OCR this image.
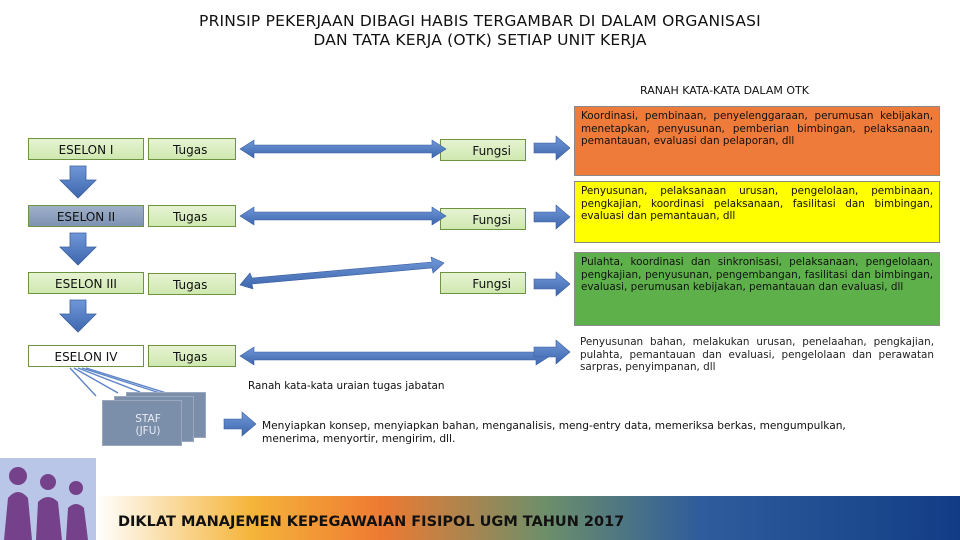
PRINSIP PEKERJAAN DIBAGI HABIS TERGAMBAR DI DALAM ORGANISASI
DAN TATA KERJA (OTK) SETIAP UNIT KERJA
RANAH KATA-KATA DALAM OTK
ESELON I	Tugas	Fungsi
Koordinasi, pembinaan, penyelenggaraan, perumusan kebijakan, menetapkan, penyusunan, pemberian bimbingan, pelaksanaan, pemantauan, evaluasi dan pelaporan, dll
ESELON II	Tugas	Fungsi
Penyusunan, pelaksanaan urusan, pengelolaan, pembinaan, pengkajian, koordinasi pelaksanaan, fasilitasi dan bimbingan, evaluasi dan pemantauan, dll
ESELON III	Tugas	Fungsi
Pulahta, koordinasi dan sinkronisasi, pelaksanaan, pengelolaan, pengkajian, penyusunan, pengembangan, fasilitasi dan bimbingan, evaluasi, perumusan kebijakan, pemantauan dan evaluasi, dll
ESELON IV	Tugas
Penyusunan bahan, melakukan urusan, penelaahan, pengkajian, pulahta, pemantauan dan evaluasi, pengelolaan dan perawatan sarpras, penyimpanan, dll
Ranah kata-kata uraian tugas jabatan
STAF
(JFU)	Menyiapkan konsep, menyiapkan bahan, menganalisis, meng-entry data, memeriksa berkas, mengumpulkan, menerima, menyortir, mengirim, dll.
DIKLAT MANAJEMEN KEPEGAWAIAN FISIPOL UGM TAHUN 2017
